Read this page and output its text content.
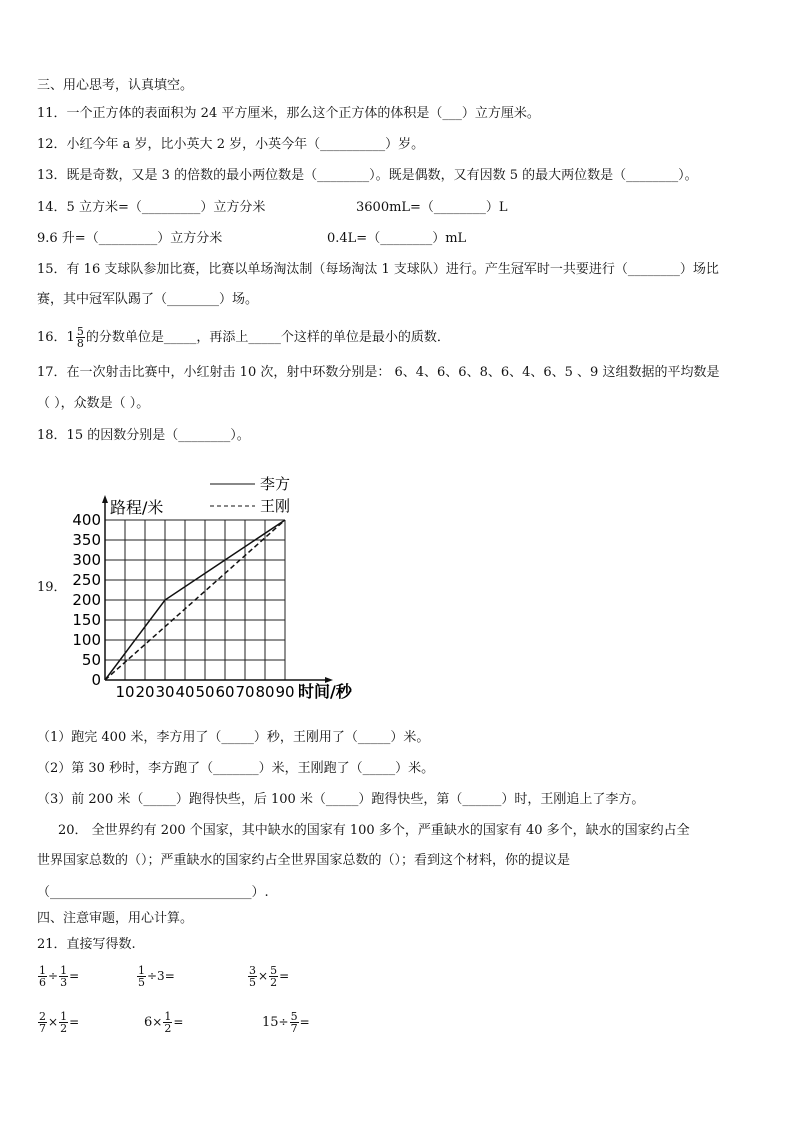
三、用心思考，认真填空。
11．一个正方体的表面积为 24 平方厘米，那么这个正方体的体积是（___）立方厘米。
12．小红今年 a 岁，比小英大 2 岁，小英今年（__________）岁。
13．既是奇数，又是 3 的倍数的最小两位数是（________）。既是偶数，又有因数 5 的最大两位数是（________）。
14．5 立方米=（_________）立方分米	3600mL=（________）L
9.6 升=（_________）立方分米	0.4L=（________）mL
15．有 16 支球队参加比赛，比赛以单场淘汰制（每场淘汰 1 支球队）进行。产生冠军时一共要进行（________）场比
赛，其中冠军队踢了（________）场。
16．$1 \frac{5}{8}$ 的分数单位是_____，再添上_____个这样的单位是最小的质数．
17．在一次射击比赛中，小红射击 10 次，射中环数分别是： 6、4、6、6、8、6、4、6、5 、9 这组数据的平均数是
（ ），众数是（ ）。
18．15 的因数分别是（________）。
19．
0
50
100
150
200
250
300
350
400
10 20 30 40 50 60 70 80 90
李方
王刚
路程/米
时间/秒
（1）跑完 400 米，李方用了（_____）秒，王刚用了（_____）米。
（2）第 30 秒时，李方跑了（_______）米，王刚跑了（_____）米。
（3）前 200 米（_____）跑得快些，后 100 米（_____）跑得快些，第（______）时，王刚追上了李方。
20． 全世界约有 200 个国家，其中缺水的国家有 100 多个，严重缺水的国家有 40 多个，缺水的国家约占全
世界国家总数的（）；严重缺水的国家约占全世界国家总数的（）；看到这个材料，你的提议是
（_______________________________）.
四、注意审题，用心计算。
21．直接写得数.
$\frac{1}{6} \div \frac{1}{3}$ =	$\frac{1}{5} \div 3=$	$\frac{3}{5} \times \frac{5}{2}$ =
$\frac{2}{7} \times \frac{1}{2}$ =	$6\times \frac{1}{2}$ =	$15\div \frac{5}{7}$ =
